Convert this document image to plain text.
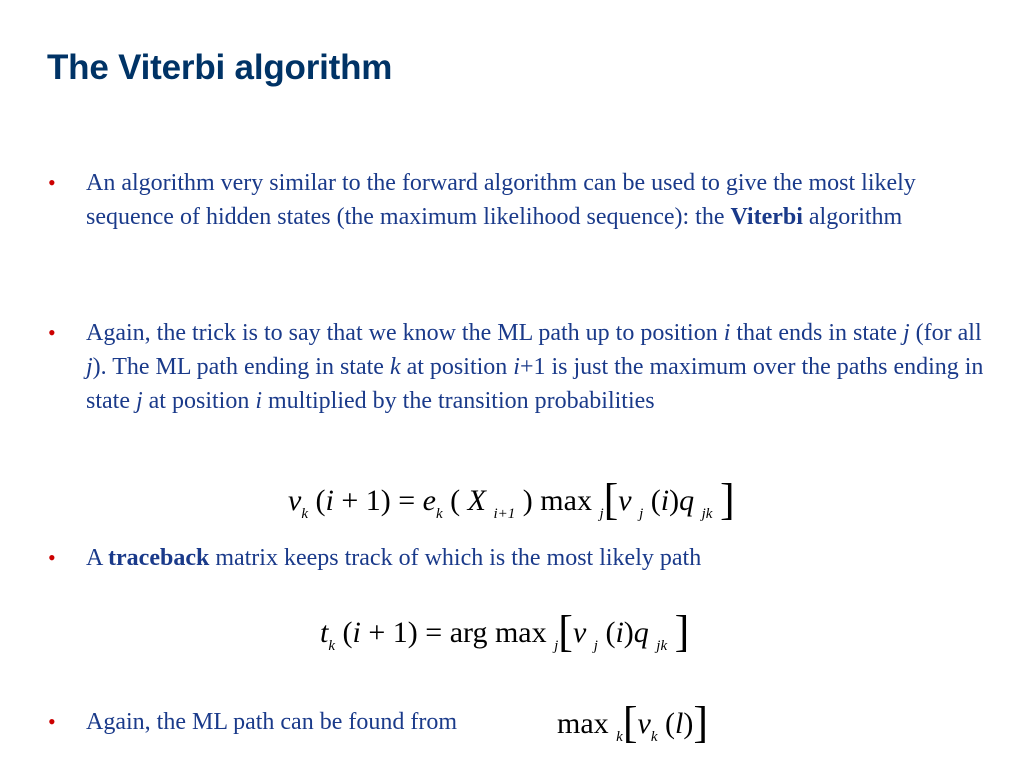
The Viterbi algorithm
• An algorithm very similar to the forward algorithm can be used to give the most likely sequence of hidden states (the maximum likelihood sequence): the Viterbi algorithm
• Again, the trick is to say that we know the ML path up to position i that ends in state j (for all j). The ML path ending in state k at position i+1 is just the maximum over the paths ending in state j at position i multiplied by the transition probabilities
$v_k$ $(i + 1) = e_k$ ( X $_{i+1}$ ) max $_j$[v $_j$ (i)q $_{jk}$ ]
• A traceback matrix keeps track of which is the most likely path
$t_k$ (i + 1) = arg max $_j$[v $_j$ (i)q $_{jk}$ ]
• Again, the ML path can be found from	$\max _k[v_k$ (l)]
